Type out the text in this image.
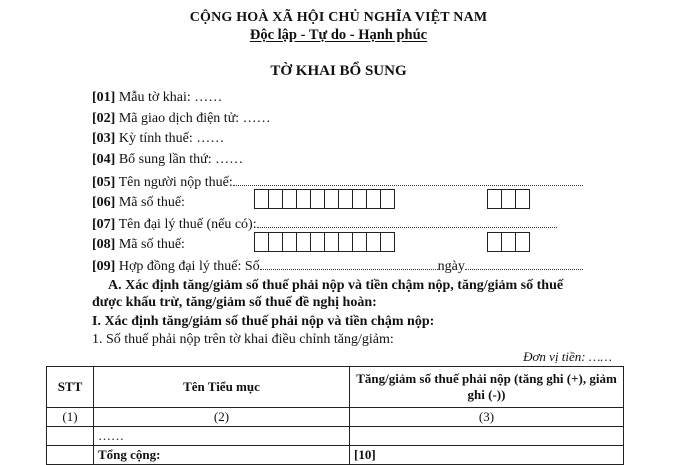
CỘNG HOÀ XÃ HỘI CHỦ NGHĨA VIỆT NAM
Độc lập - Tự do - Hạnh phúc
TỜ KHAI BỔ SUNG
[01] Mẫu tờ khai: ……
[02] Mã giao dịch điện tử: ……
[03] Kỳ tính thuế: ……
[04] Bổ sung lần thứ: ……
[05] Tên người nộp thuế:
[06] Mã số thuế:
[07] Tên đại lý thuế (nếu có):
[08] Mã số thuế:
[09] Hợp đồng đại lý thuế: Số	ngày
A. Xác định tăng/giảm số thuế phải nộp và tiền chậm nộp, tăng/giảm số thuế
được khấu trừ, tăng/giảm số thuế đề nghị hoàn:
I. Xác định tăng/giảm số thuế phải nộp và tiền chậm nộp:
1. Số thuế phải nộp trên tờ khai điều chỉnh tăng/giảm:
Đơn vị tiền: ……
STT	Tên Tiểu mục	Tăng/giảm số thuế phải nộp (tăng ghi (+), giảm ghi (-))
(1)	(2)	(3)
	……	
	Tổng cộng:	[10]
